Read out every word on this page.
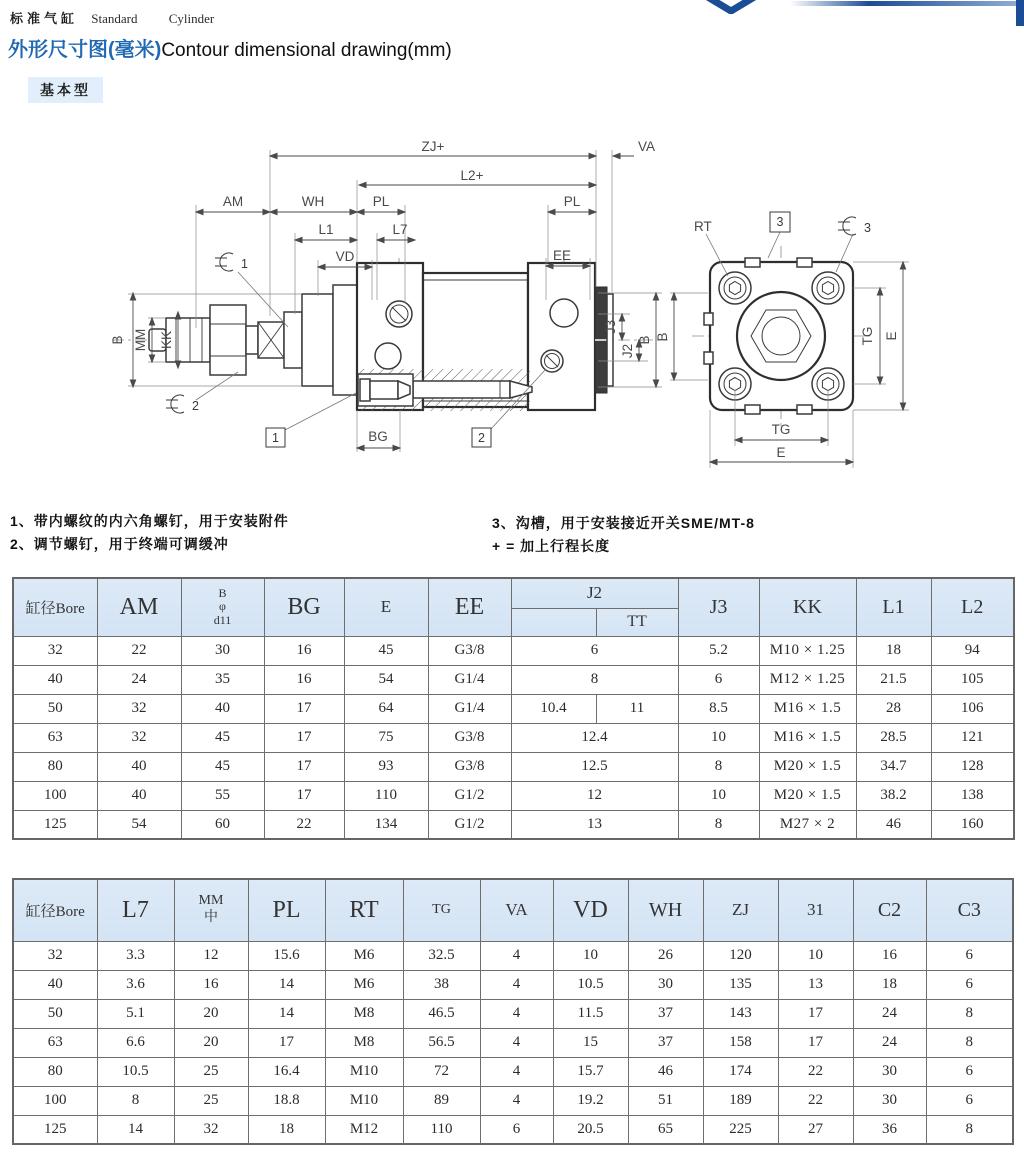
标准气缸 Standard Cylinder
外形尺寸图(毫米)Contour dimensional drawing(mm)
基本型
ZJ+	VA
L2+
AM	WH	PL	PL
L1	L7
VD	EE
B MM KK
J3
J2
B
BG
1	2
1
2
RT	3	3
TG E
B
TG
E
1、带内螺纹的内六角螺钉，用于安装附件
2、调节螺钉，用于终端可调缓冲
3、沟槽，用于安装接近开关SME/MT-8
+ = 加上行程长度
缸径Bore	AM	B
φ
d11	BG	E	EE	J2		J3	KK	L1	L2
							TT				
32	22	30	16	45	G3/8	6		5.2	M10 × 1.25	18	94
40	24	35	16	54	G1/4	8		6	M12 × 1.25	21.5	105
50	32	40	17	64	G1/4	10.4	11	8.5	M16 × 1.5	28	106
63	32	45	17	75	G3/8	12.4		10	M16 × 1.5	28.5	121
80	40	45	17	93	G3/8	12.5		8	M20 × 1.5	34.7	128
100	40	55	17	110	G1/2	12		10	M20 × 1.5	38.2	138
125	54	60	22	134	G1/2	13		8	M27 × 2	46	160
缸径Bore	L7	MM
中	PL	RT	TG	VA	VD	WH	ZJ	31	C2	C3
32	3.3	12	15.6	M6	32.5	4	10	26	120	10	16	6
40	3.6	16	14	M6	38	4	10.5	30	135	13	18	6
50	5.1	20	14	M8	46.5	4	11.5	37	143	17	24	8
63	6.6	20	17	M8	56.5	4	15	37	158	17	24	8
80	10.5	25	16.4	M10	72	4	15.7	46	174	22	30	6
100	8	25	18.8	M10	89	4	19.2	51	189	22	30	6
125	14	32	18	M12	110	6	20.5	65	225	27	36	8
